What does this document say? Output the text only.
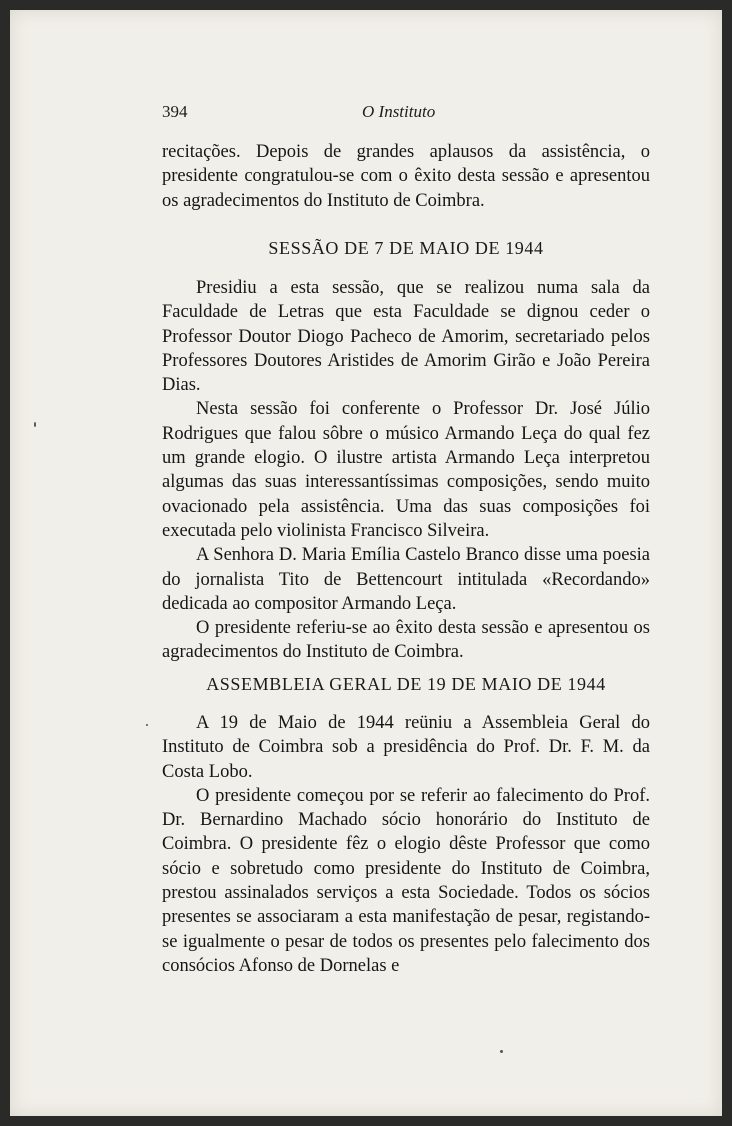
394	O Instituto

recitações. Depois de grandes aplausos da assistência, o presidente congratulou-se com o êxito desta sessão e apresentou os agradecimentos do Instituto de Coimbra.

SESSÃO DE 7 DE MAIO DE 1944

Presidiu a esta sessão, que se realizou numa sala da Faculdade de Letras que esta Faculdade se dignou ceder o Professor Doutor Diogo Pacheco de Amorim, secretariado pelos Professores Doutores Aristides de Amorim Girão e João Pereira Dias.

Nesta sessão foi conferente o Professor Dr. José Júlio Rodrigues que falou sôbre o músico Armando Leça do qual fez um grande elogio. O ilustre artista Armando Leça interpretou algumas das suas interessantíssimas composições, sendo muito ovacionado pela assistência. Uma das suas composições foi executada pelo violinista Francisco Silveira.

A Senhora D. Maria Emília Castelo Branco disse uma poesia do jornalista Tito de Bettencourt intitulada «Recordando» dedicada ao compositor Armando Leça.

O presidente referiu-se ao êxito desta sessão e apresentou os agradecimentos do Instituto de Coimbra.

ASSEMBLEIA GERAL DE 19 DE MAIO DE 1944

A 19 de Maio de 1944 reüniu a Assembleia Geral do Instituto de Coimbra sob a presidência do Prof. Dr. F. M. da Costa Lobo.

O presidente começou por se referir ao falecimento do Prof. Dr. Bernardino Machado sócio honorário do Instituto de Coimbra. O presidente fêz o elogio dêste Professor que como sócio e sobretudo como presidente do Instituto de Coimbra, prestou assinalados serviços a esta Sociedade. Todos os sócios presentes se associaram a esta manifestação de pesar, registando-se igualmente o pesar de todos os presentes pelo falecimento dos consócios Afonso de Dornelas e
